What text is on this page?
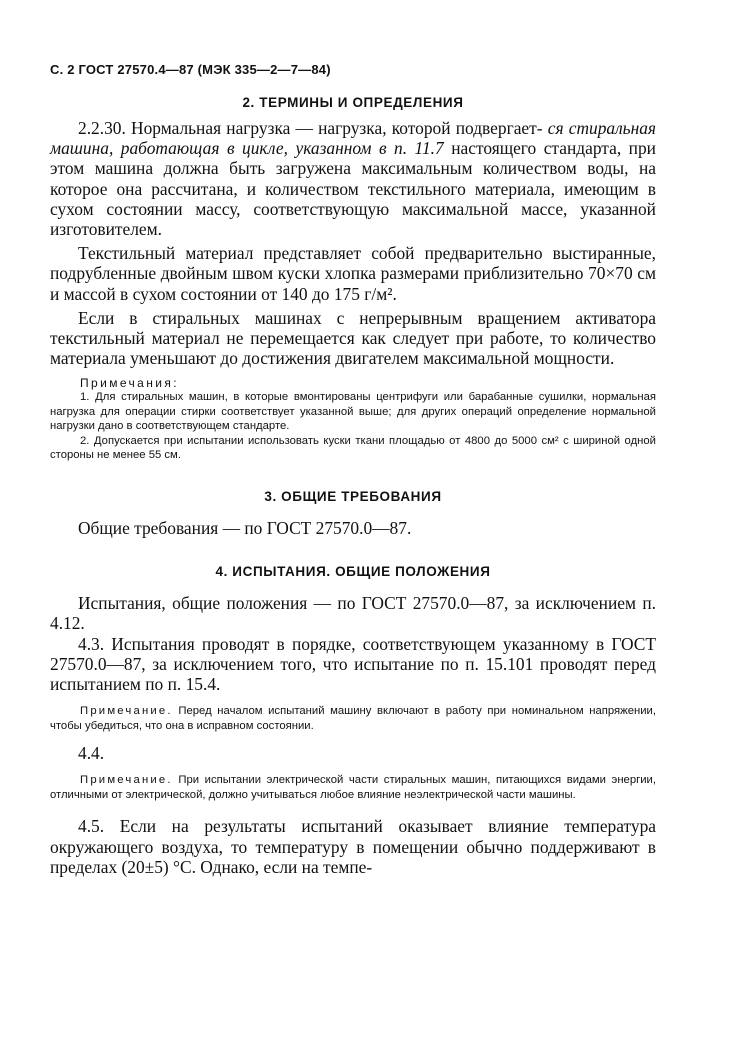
С. 2 ГОСТ 27570.4—87 (МЭК 335—2—7—84)
2. ТЕРМИНЫ И ОПРЕДЕЛЕНИЯ

2.2.30. Нормальная нагрузка — нагрузка, которой подвергает- ся стиральная машина, работающая в цикле, указанном в п. 11.7 настоящего стандарта, при этом машина должна быть загружена максимальным количеством воды, на которое она рассчитана, и количеством текстильного материала, имеющим в сухом состоянии массу, соответствующую максимальной массе, указанной изготовителем.

Текстильный материал представляет собой предварительно выстиранные, подрубленные двойным швом куски хлопка размерами приблизительно 70×70 см и массой в сухом состоянии от 140 до 175 г/м².

Если в стиральных машинах с непрерывным вращением активатора текстильный материал не перемещается как следует при работе, то количество материала уменьшают до достижения двигателем максимальной мощности.

Примечания:

1. Для стиральных машин, в которые вмонтированы центрифуги или барабанные сушилки, нормальная нагрузка для операции стирки соответствует указанной выше; для других операций определение нормальной нагрузки дано в соответствующем стандарте.

2. Допускается при испытании использовать куски ткани площадью от 4800 до 5000 см² с шириной одной стороны не менее 55 см.

3. ОБЩИЕ ТРЕБОВАНИЯ

Общие требования — по ГОСТ 27570.0—87.

4. ИСПЫТАНИЯ. ОБЩИЕ ПОЛОЖЕНИЯ

Испытания, общие положения — по ГОСТ 27570.0—87, за исключением п. 4.12.

4.3. Испытания проводят в порядке, соответствующем указанному в ГОСТ 27570.0—87, за исключением того, что испытание по п. 15.101 проводят перед испытанием по п. 15.4.

Примечание. Перед началом испытаний машину включают в работу при номинальном напряжении, чтобы убедиться, что она в исправном состоянии.

4.4.

Примечание. При испытании электрической части стиральных машин, питающихся видами энергии, отличными от электрической, должно учитываться любое влияние неэлектрической части машины.

4.5. Если на результаты испытаний оказывает влияние температура окружающего воздуха, то температуру в помещении обычно поддерживают в пределах (20±5) °С. Однако, если на темпе-
